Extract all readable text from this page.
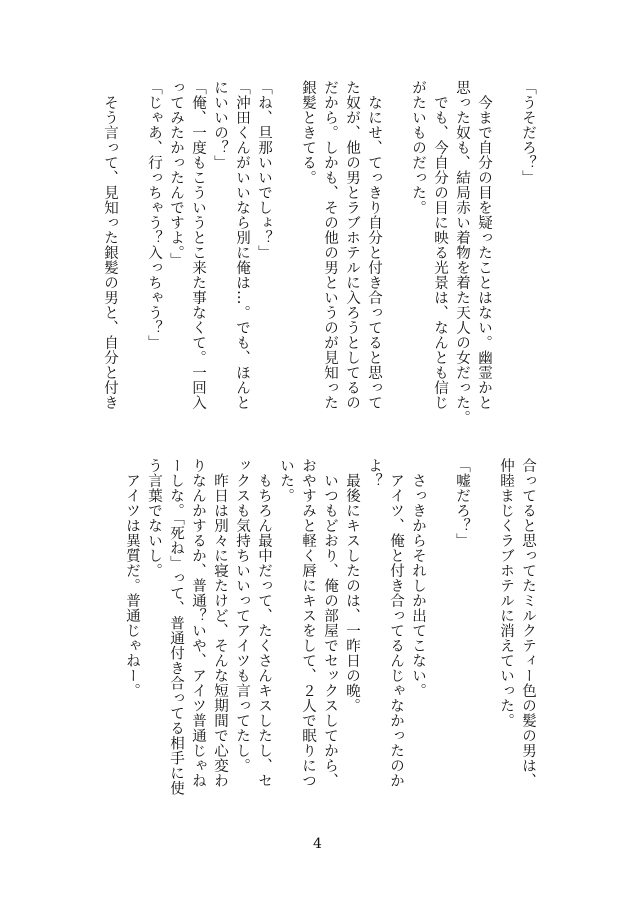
「うそだろ？」
今まで自分の目を疑ったことはない。幽霊かと
思った奴も、結局赤い着物を着た天人の女だった。
でも、今自分の目に映る光景は、なんとも信じ
がたいものだった。
なにせ、てっきり自分と付き合ってると思って
た奴が、他の男とラブホテルに入ろうとしてるの
だから。しかも、その他の男というのが見知った
銀髪ときてる。
「ね、旦那いいでしょ？」
「沖田くんがいいなら別に俺は…。でも、ほんと
にいいの？」
「俺、一度もこういうとこ来た事なくて。一回入
ってみたかったんですよ。」
「じゃあ、行っちゃう？入っちゃう？」
そう言って、見知った銀髪の男と、自分と付き
合ってると思ってたミルクティー色の髪の男は、
仲睦まじくラブホテルに消えていった。
「嘘だろ？」
さっきからそれしか出てこない。
アイツ、俺と付き合ってるんじゃなかったのか
よ？
最後にキスしたのは、一昨日の晩。
いつもどおり、俺の部屋でセックスしてから、
おやすみと軽く唇にキスをして、２人で眠りにつ
いた。
もちろん最中だって、たくさんキスしたし、セ
ックスも気持ちいいってアイツも言ってたし。
昨日は別々に寝たけど、そんな短期間で心変わ
りなんかするか、普通？いや、アイツ普通じゃね
ーしな。「死ね」って、普通付き合ってる相手に使
う言葉でないし。
アイツは異質だ。普通じゃねー。
4
